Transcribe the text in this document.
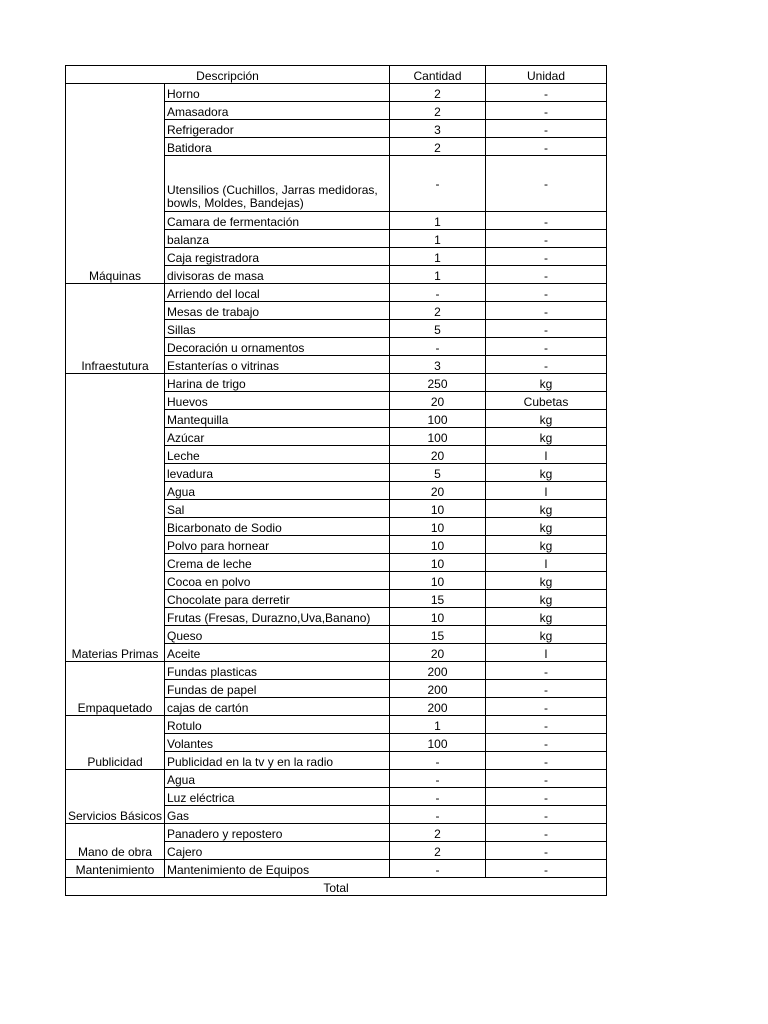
Descripción		Cantidad	Unidad
Máquinas	Horno	2	-
	Amasadora	2	-
	Refrigerador	3	-
	Batidora	2	-
	Utensilios (Cuchillos, Jarras medidoras, bowls, Moldes, Bandejas)	-	-
	Camara de fermentación	1	-
	balanza	1	-
	Caja registradora	1	-
	divisoras de masa	1	-
Infraestutura	Arriendo del local	-	-
	Mesas de trabajo	2	-
	Sillas	5	-
	Decoración u ornamentos	-	-
	Estanterías o vitrinas	3	-
Materias Primas	Harina de trigo	250	kg
	Huevos	20	Cubetas
	Mantequilla	100	kg
	Azúcar	100	kg
	Leche	20	l
	levadura	5	kg
	Agua	20	l
	Sal	10	kg
	Bicarbonato de Sodio	10	kg
	Polvo para hornear	10	kg
	Crema de leche	10	l
	Cocoa en polvo	10	kg
	Chocolate para derretir	15	kg
	Frutas (Fresas, Durazno,Uva,Banano)	10	kg
	Queso	15	kg
	Aceite	20	l
Empaquetado	Fundas plasticas	200	-
	Fundas de papel	200	-
	cajas de cartón	200	-
Publicidad	Rotulo	1	-
	Volantes	100	-
	Publicidad en la tv y en la radio	-	-
Servicios Básicos	Agua	-	-
	Luz eléctrica	-	-
	Gas	-	-
Mano de obra	Panadero y repostero	2	-
	Cajero	2	-
Mantenimiento	Mantenimiento de Equipos	-	-
Total			
